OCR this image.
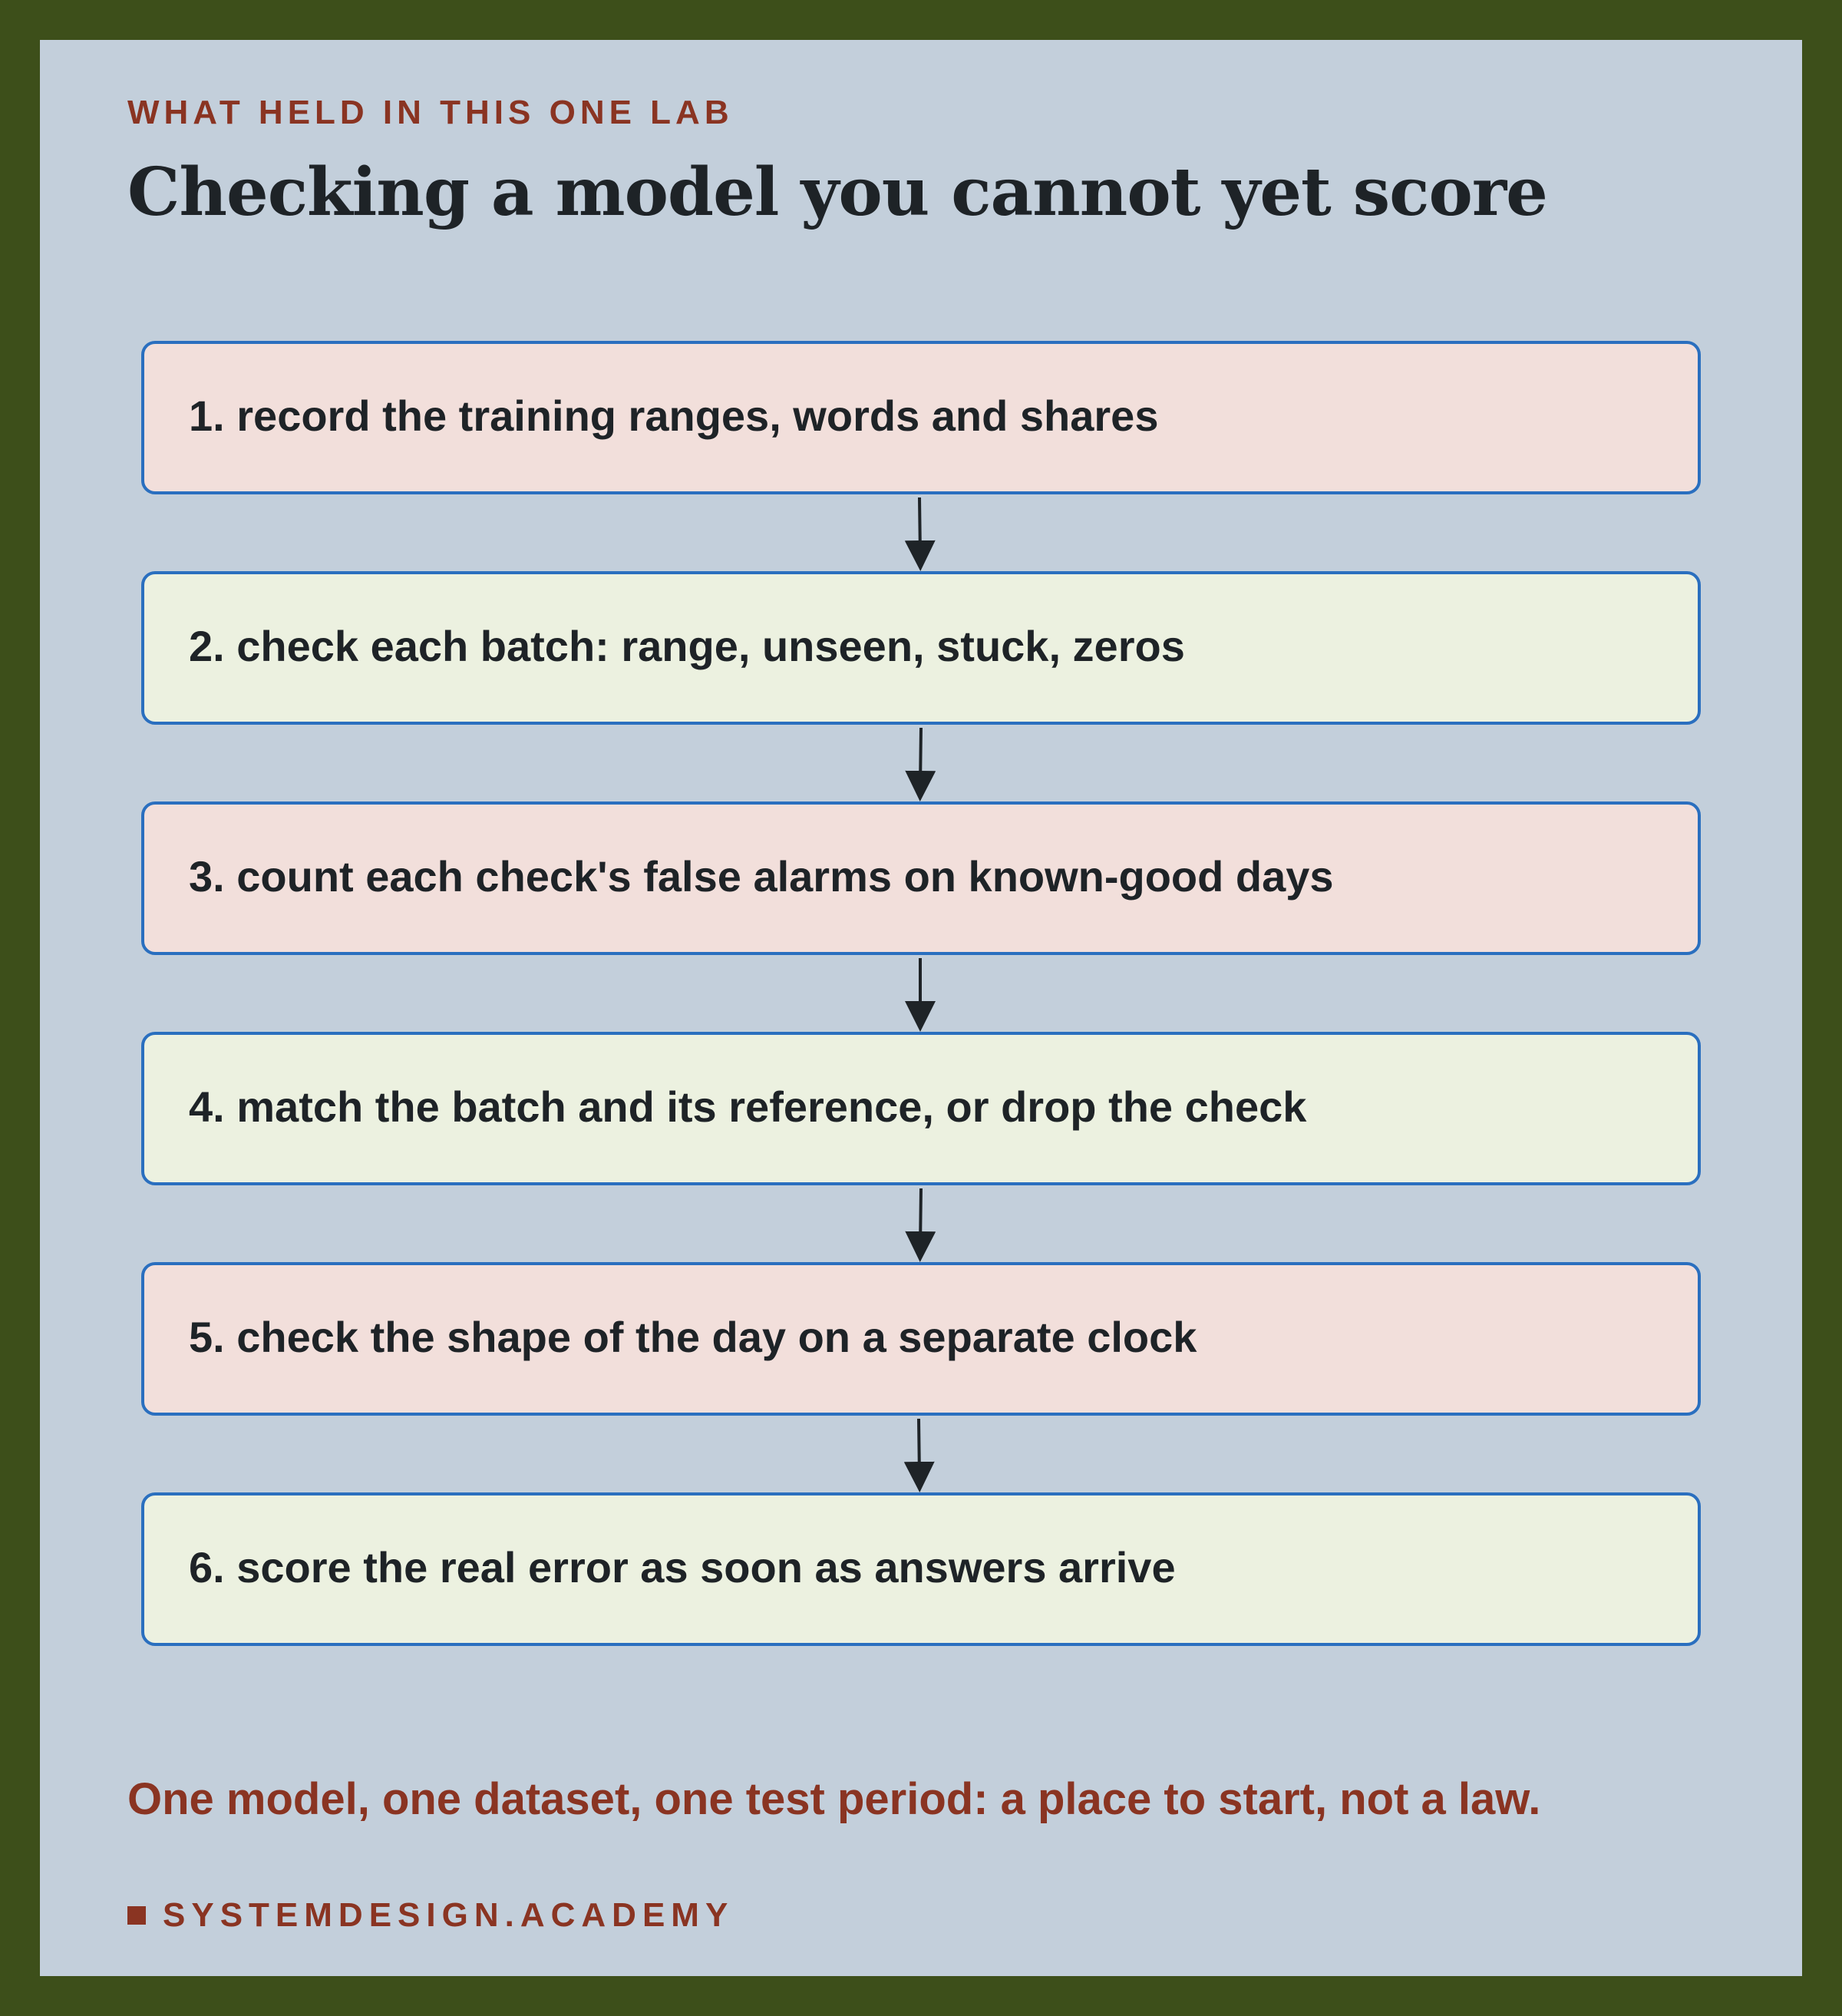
WHAT HELD IN THIS ONE LAB
Checking a model you cannot yet score
1. record the training ranges, words and shares
2. check each batch: range, unseen, stuck, zeros
3. count each check's false alarms on known-good days
4. match the batch and its reference, or drop the check
5. check the shape of the day on a separate clock
6. score the real error as soon as answers arrive
One model, one dataset, one test period: a place to start, not a law.
SYSTEMDESIGN.ACADEMY
